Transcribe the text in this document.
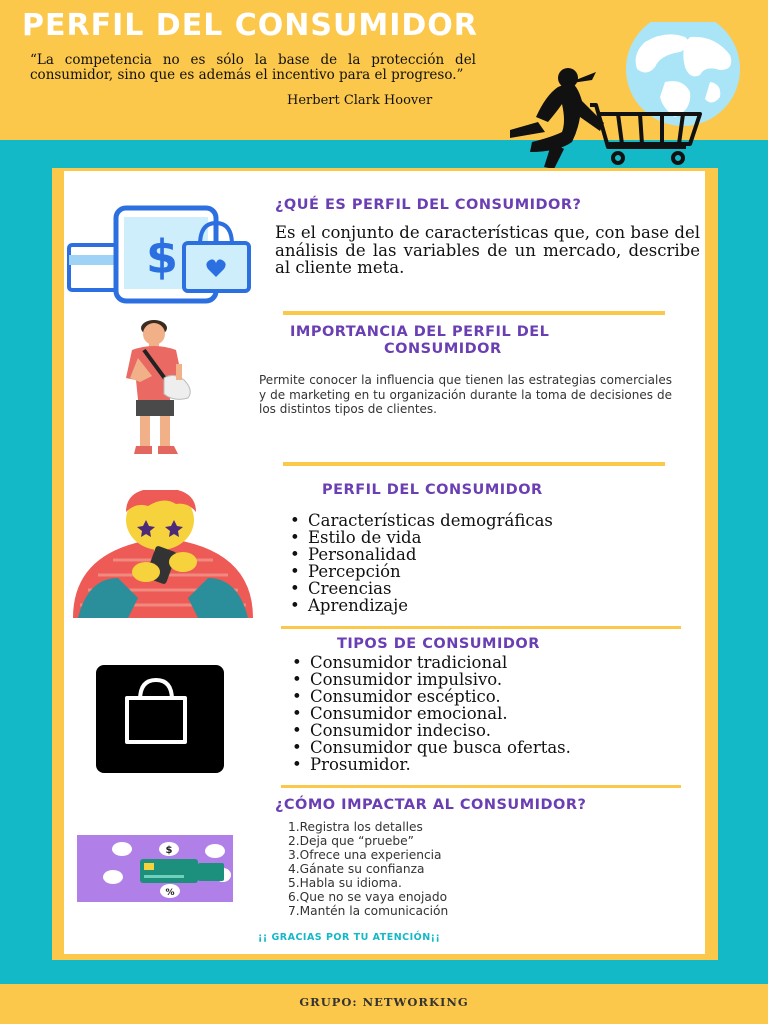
PERFIL DEL CONSUMIDOR
“La competencia no es sólo la base de la protección del consumidor, sino que es además el incentivo para el progreso.”
Herbert Clark Hoover
$
¿QUÉ ES PERFIL DEL CONSUMIDOR?
Es el conjunto de características que, con base del análisis de las variables de un mercado, describe al cliente meta.
IMPORTANCIA DEL PERFIL DEL
CONSUMIDOR
Permite conocer la influencia que tienen las estrategias comerciales y de marketing en tu organización durante la toma de decisiones de los distintos tipos de clientes.
PERFIL DEL CONSUMIDOR
• Características demográficas
• Estilo de vida
• Personalidad
• Percepción
• Creencias
• Aprendizaje
TIPOS DE CONSUMIDOR
• Consumidor tradicional
• Consumidor impulsivo.
• Consumidor escéptico.
• Consumidor emocional.
• Consumidor indeciso.
• Consumidor que busca ofertas.
• Prosumidor.
$
%
¿CÓMO IMPACTAR AL CONSUMIDOR?
1.Registra los detalles
2.Deja que “pruebe”
3.Ofrece una experiencia
4.Gánate su confianza
5.Habla su idioma.
6.Que no se vaya enojado
7.Mantén la comunicación
¡¡ GRACIAS POR TU ATENCIÓN¡¡
GRUPO: NETWORKING
